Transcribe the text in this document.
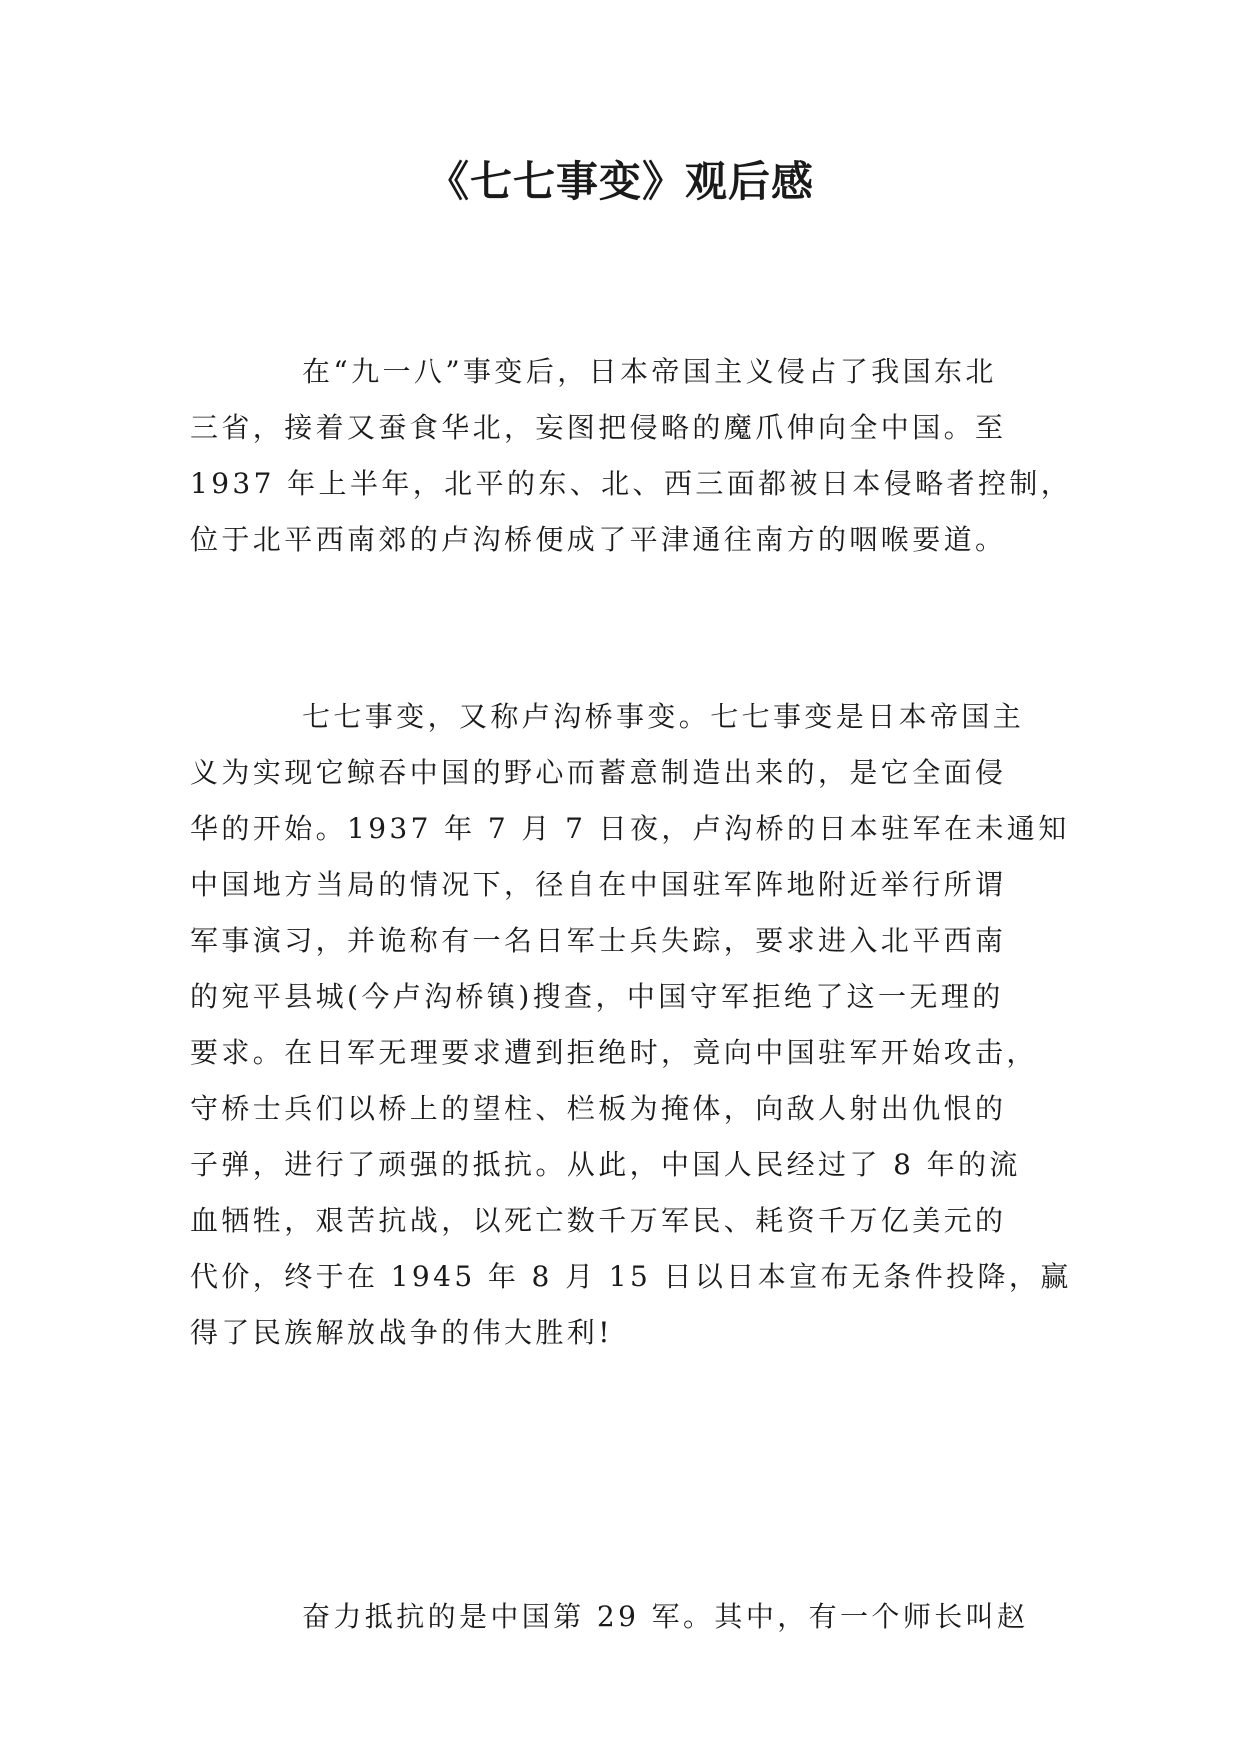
《七七事变》观后感
在“九一八”事变后，日本帝国主义侵占了我国东北
三省，接着又蚕食华北，妄图把侵略的魔爪伸向全中国。至
1937 年上半年，北平的东、北、西三面都被日本侵略者控制，
位于北平西南郊的卢沟桥便成了平津通往南方的咽喉要道。
七七事变，又称卢沟桥事变。七七事变是日本帝国主
义为实现它鲸吞中国的野心而蓄意制造出来的，是它全面侵
华的开始。1937 年 7 月 7 日夜，卢沟桥的日本驻军在未通知
中国地方当局的情况下，径自在中国驻军阵地附近举行所谓
军事演习，并诡称有一名日军士兵失踪，要求进入北平西南
的宛平县城(今卢沟桥镇)搜查，中国守军拒绝了这一无理的
要求。在日军无理要求遭到拒绝时，竟向中国驻军开始攻击，
守桥士兵们以桥上的望柱、栏板为掩体，向敌人射出仇恨的
子弹，进行了顽强的抵抗。从此，中国人民经过了 8 年的流
血牺牲，艰苦抗战，以死亡数千万军民、耗资千万亿美元的
代价，终于在 1945 年 8 月 15 日以日本宣布无条件投降，赢
得了民族解放战争的伟大胜利!
奋力抵抗的是中国第 29 军。其中，有一个师长叫赵
